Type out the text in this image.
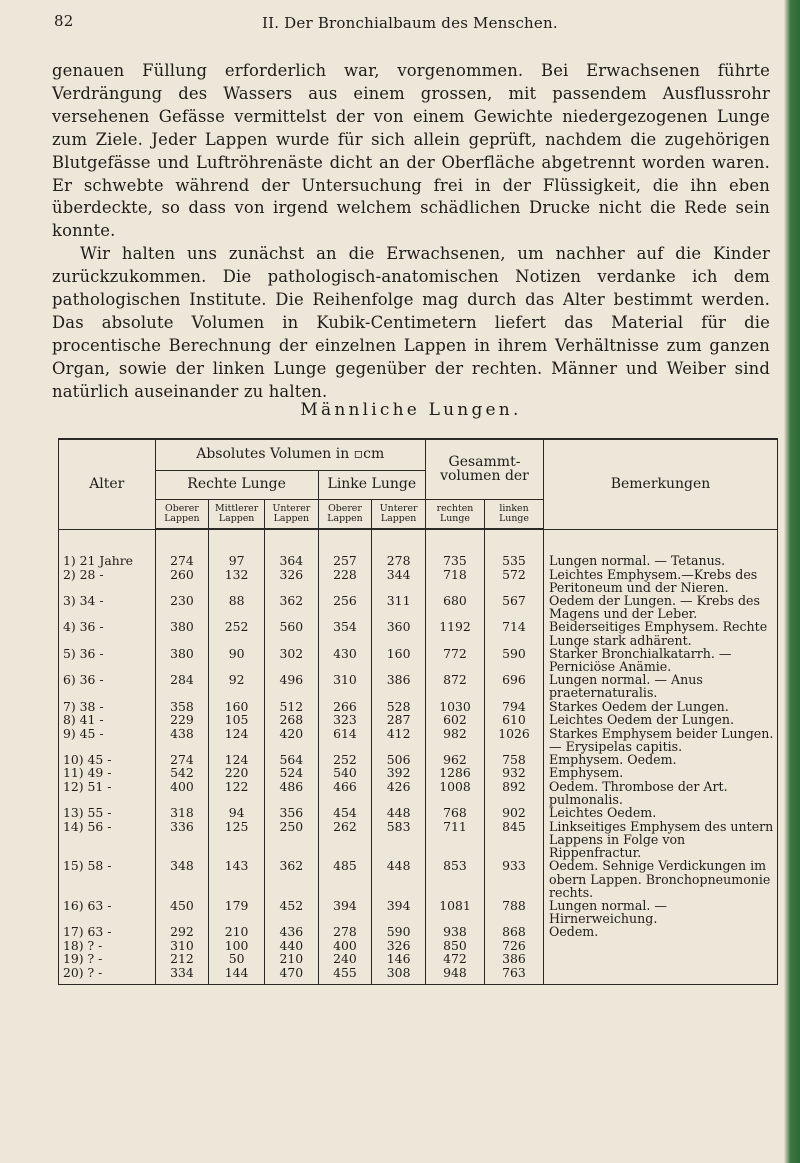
82	II. Der Bronchialbaum des Menschen.

genauen Füllung erforderlich war, vorgenommen. Bei Erwachsenen führte Verdrängung des Wassers aus einem grossen, mit passendem Ausflussrohr versehenen Gefässe vermittelst der von einem Gewichte niedergezogenen Lunge zum Ziele. Jeder Lappen wurde für sich allein geprüft, nachdem die zugehörigen Blutgefässe und Luftröhrenäste dicht an der Oberfläche abgetrennt worden waren. Er schwebte während der Untersuchung frei in der Flüssigkeit, die ihn eben überdeckte, so dass von irgend welchem schädlichen Drucke nicht die Rede sein konnte.

Wir halten uns zunächst an die Erwachsenen, um nachher auf die Kinder zurückzukommen. Die pathologisch-anatomischen Notizen verdanke ich dem pathologischen Institute. Die Reihenfolge mag durch das Alter bestimmt werden. Das absolute Volumen in Kubik-Centimetern liefert das Material für die procentische Berechnung der einzelnen Lappen in ihrem Verhältnisse zum ganzen Organ, sowie der linken Lunge gegenüber der rechten. Männer und Weiber sind natürlich auseinander zu halten.

Männliche Lungen.
Alter	Absolutes Volumen in ▫cm					Gesammt-volumen der		Bemerkungen
	Rechte Lunge			Linke Lunge				
	Oberer Lappen	Mittlerer Lappen	Unterer Lappen	Oberer Lappen	Unterer Lappen	rechten Lunge	linken Lunge	

1) 21 Jahre	274	97	364	257	278	735	535	Lungen normal. — Tetanus.
2) 28 -	260	132	326	228	344	718	572	Leichtes Emphysem.—Krebs des Peritoneum und der Nieren.
3) 34 -	230	88	362	256	311	680	567	Oedem der Lungen. — Krebs des Magens und der Leber.
4) 36 -	380	252	560	354	360	1192	714	Beiderseitiges Emphysem. Rechte Lunge stark adhärent.
5) 36 -	380	90	302	430	160	772	590	Starker Bronchialkatarrh. — Perniciöse Anämie.
6) 36 -	284	92	496	310	386	872	696	Lungen normal. — Anus praeternaturalis.
7) 38 -	358	160	512	266	528	1030	794	Starkes Oedem der Lungen.
8) 41 -	229	105	268	323	287	602	610	Leichtes Oedem der Lungen.
9) 45 -	438	124	420	614	412	982	1026	Starkes Emphysem beider Lungen. — Erysipelas capitis.
10) 45 -	274	124	564	252	506	962	758	Emphysem. Oedem.
11) 49 -	542	220	524	540	392	1286	932	Emphysem.
12) 51 -	400	122	486	466	426	1008	892	Oedem. Thrombose der Art. pulmonalis.
13) 55 -	318	94	356	454	448	768	902	Leichtes Oedem.
14) 56 -	336	125	250	262	583	711	845	Linkseitiges Emphysem des untern Lappens in Folge von Rippenfractur.
15) 58 -	348	143	362	485	448	853	933	Oedem. Sehnige Verdickungen im obern Lappen. Bronchopneumonie rechts.
16) 63 -	450	179	452	394	394	1081	788	Lungen normal. — Hirnerweichung.
17) 63 -	292	210	436	278	590	938	868	Oedem.
18) ? -	310	100	440	400	326	850	726	
19) ? -	212	50	210	240	146	472	386	
20) ? -	334	144	470	455	308	948	763	
